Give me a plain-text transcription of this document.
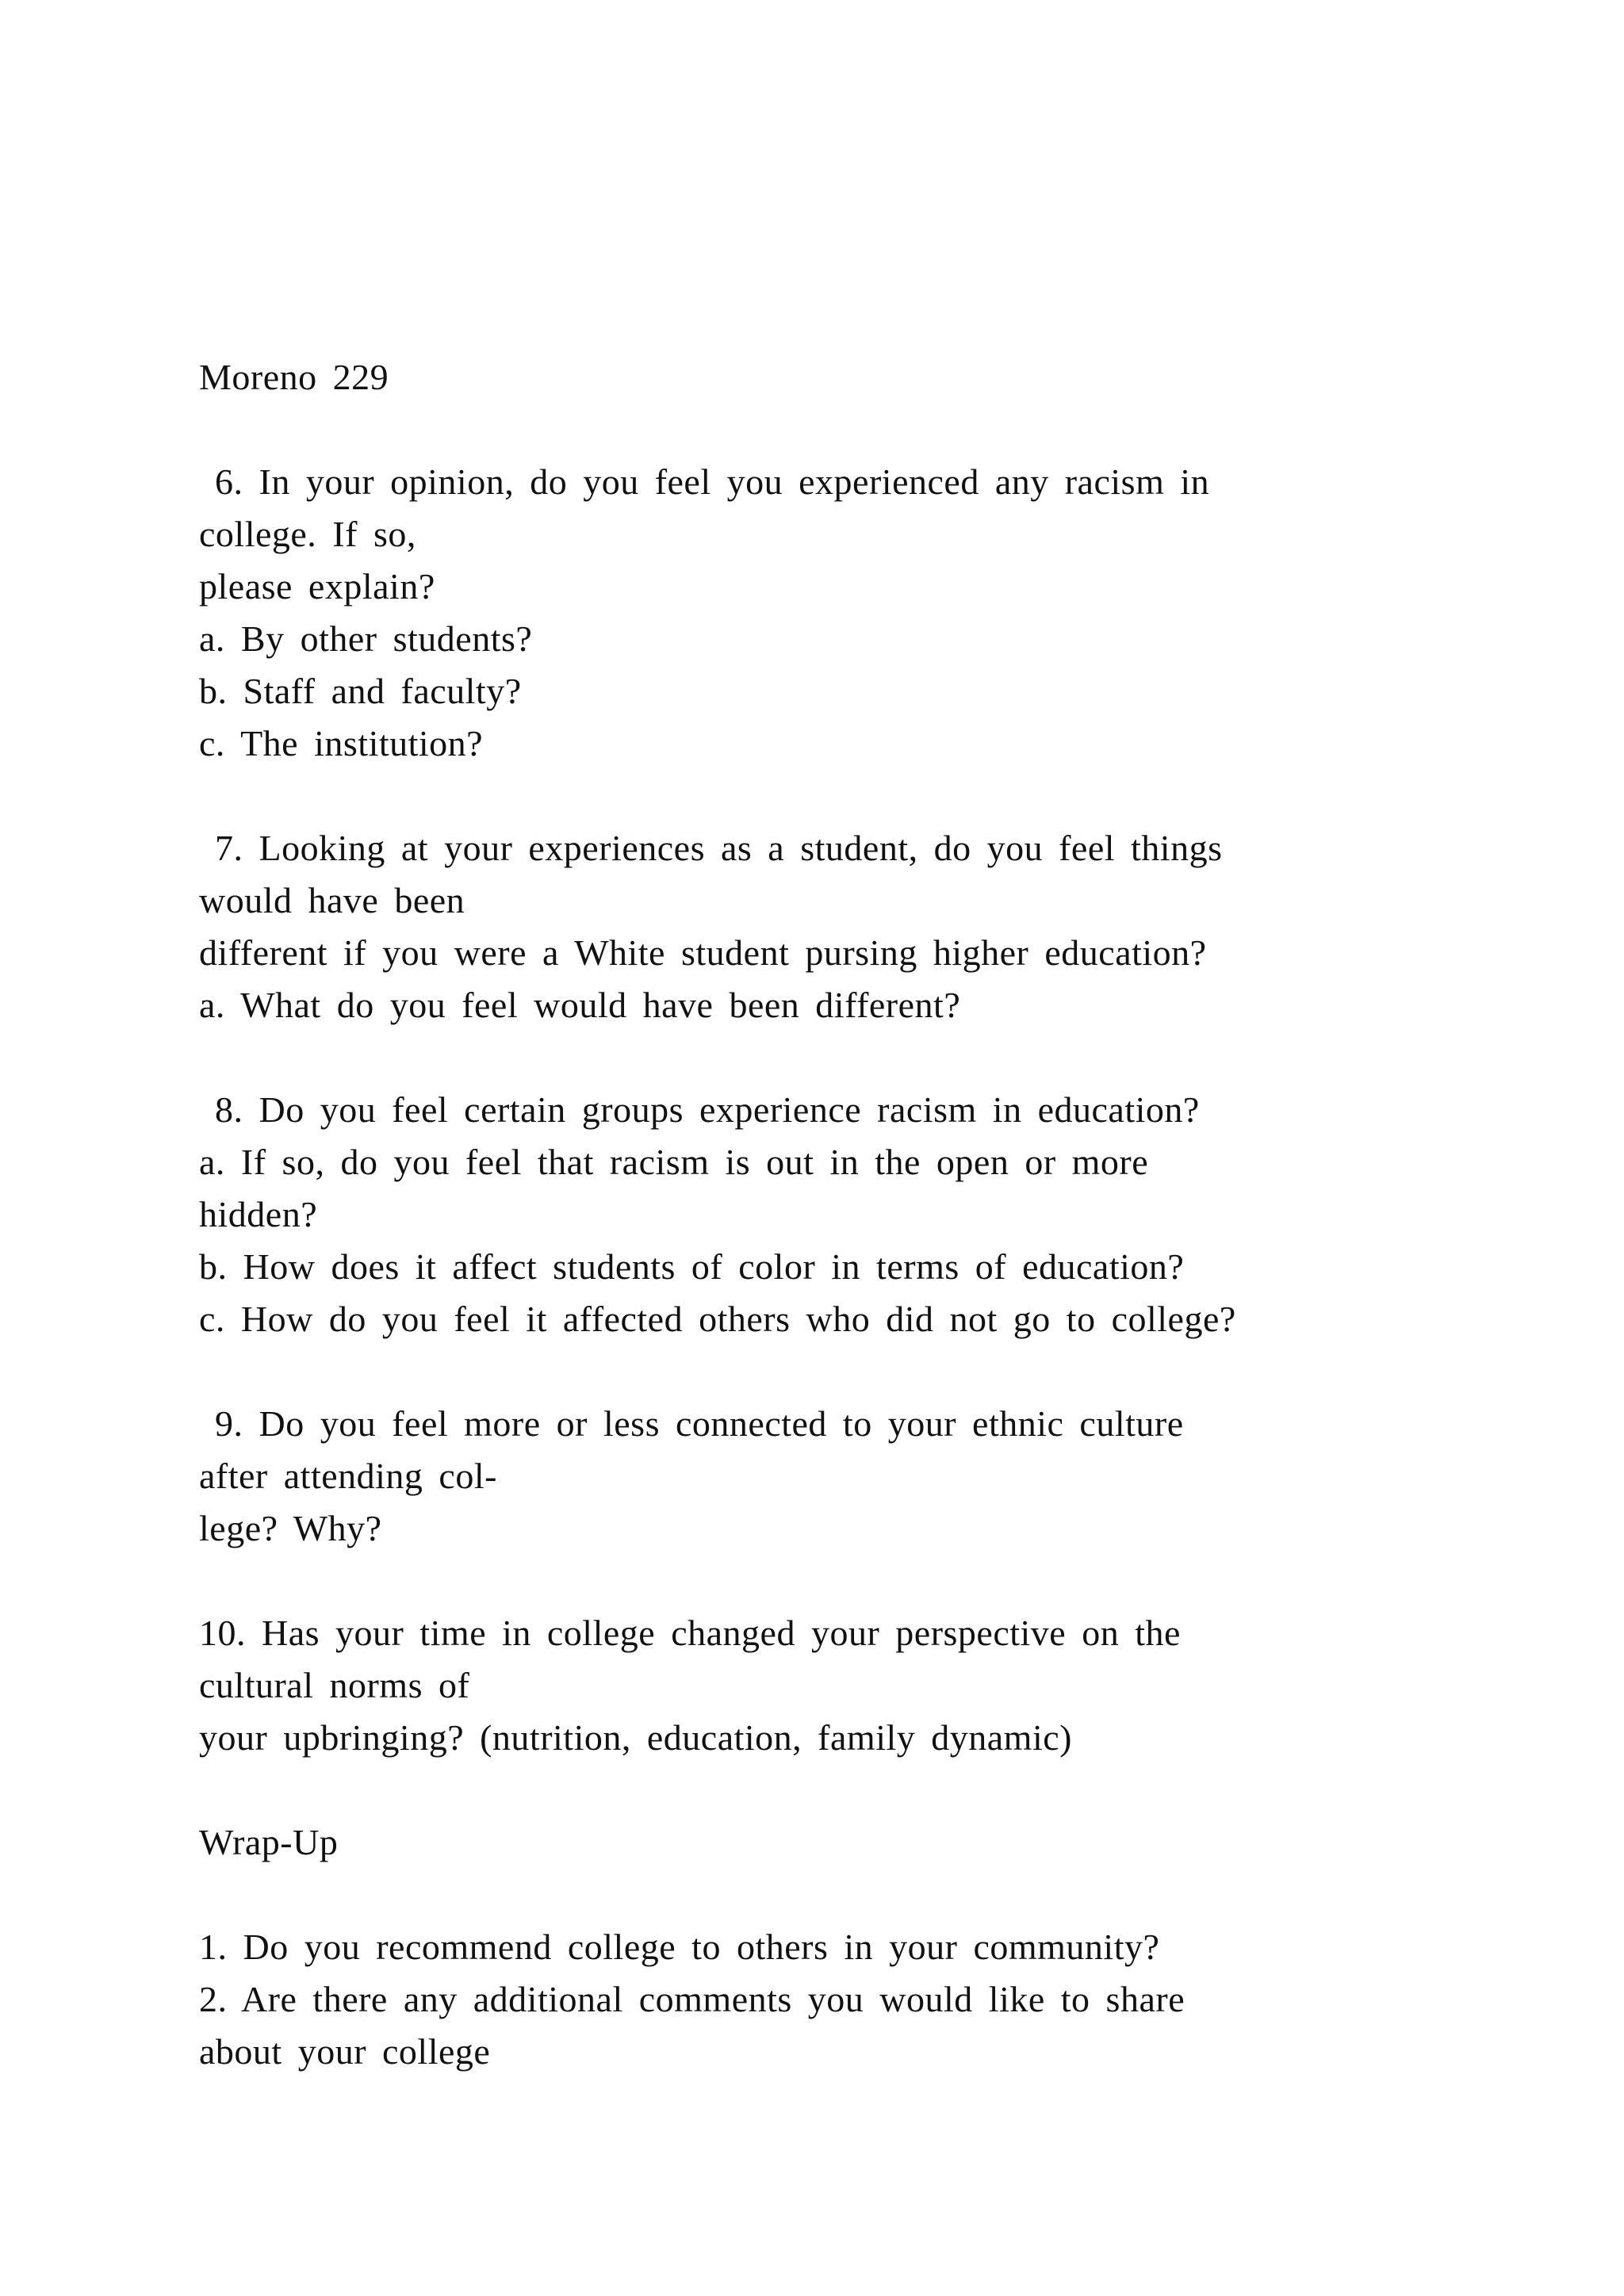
Moreno 229
6. In your opinion, do you feel you experienced any racism in
college. If so,
please explain?
a. By other students?
b. Staff and faculty?
c. The institution?
7. Looking at your experiences as a student, do you feel things
would have been
different if you were a White student pursing higher education?
a. What do you feel would have been different?
8. Do you feel certain groups experience racism in education?
a. If so, do you feel that racism is out in the open or more
hidden?
b. How does it affect students of color in terms of education?
c. How do you feel it affected others who did not go to college?
9. Do you feel more or less connected to your ethnic culture
after attending col-
lege? Why?
10. Has your time in college changed your perspective on the
cultural norms of
your upbringing? (nutrition, education, family dynamic)
Wrap-Up
1. Do you recommend college to others in your community?
2. Are there any additional comments you would like to share
about your college
